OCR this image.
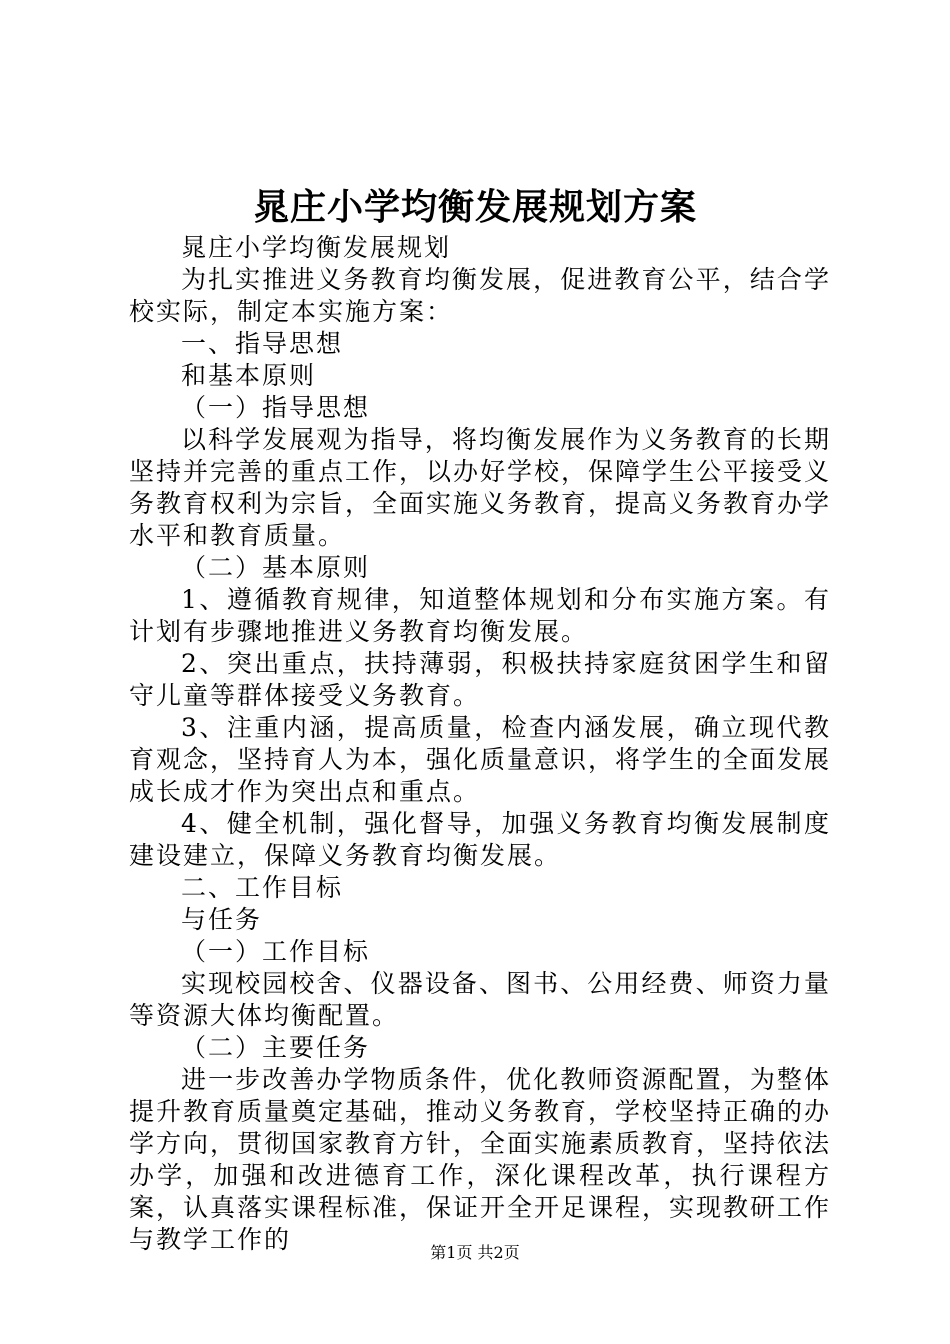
晁庄小学均衡发展规划方案

晁庄小学均衡发展规划

为扎实推进义务教育均衡发展，促进教育公平，结合学校实际，制定本实施方案：

一、指导思想

和基本原则

（一）指导思想

以科学发展观为指导，将均衡发展作为义务教育的长期坚持并完善的重点工作，以办好学校，保障学生公平接受义务教育权利为宗旨，全面实施义务教育，提高义务教育办学水平和教育质量。

（二）基本原则

1、遵循教育规律，知道整体规划和分布实施方案。有计划有步骤地推进义务教育均衡发展。

2、突出重点，扶持薄弱，积极扶持家庭贫困学生和留守儿童等群体接受义务教育。

3、注重内涵，提高质量，检查内涵发展，确立现代教育观念，坚持育人为本，强化质量意识，将学生的全面发展成长成才作为突出点和重点。

4、健全机制，强化督导，加强义务教育均衡发展制度建设建立，保障义务教育均衡发展。

二、工作目标

与任务

（一）工作目标

实现校园校舍、仪器设备、图书、公用经费、师资力量等资源大体均衡配置。

（二）主要任务

进一步改善办学物质条件，优化教师资源配置，为整体提升教育质量奠定基础，推动义务教育，学校坚持正确的办学方向，贯彻国家教育方针，全面实施素质教育，坚持依法办学，加强和改进德育工作，深化课程改革，执行课程方案，认真落实课程标准，保证开全开足课程，实现教研工作与教学工作的	第1页 共2页
